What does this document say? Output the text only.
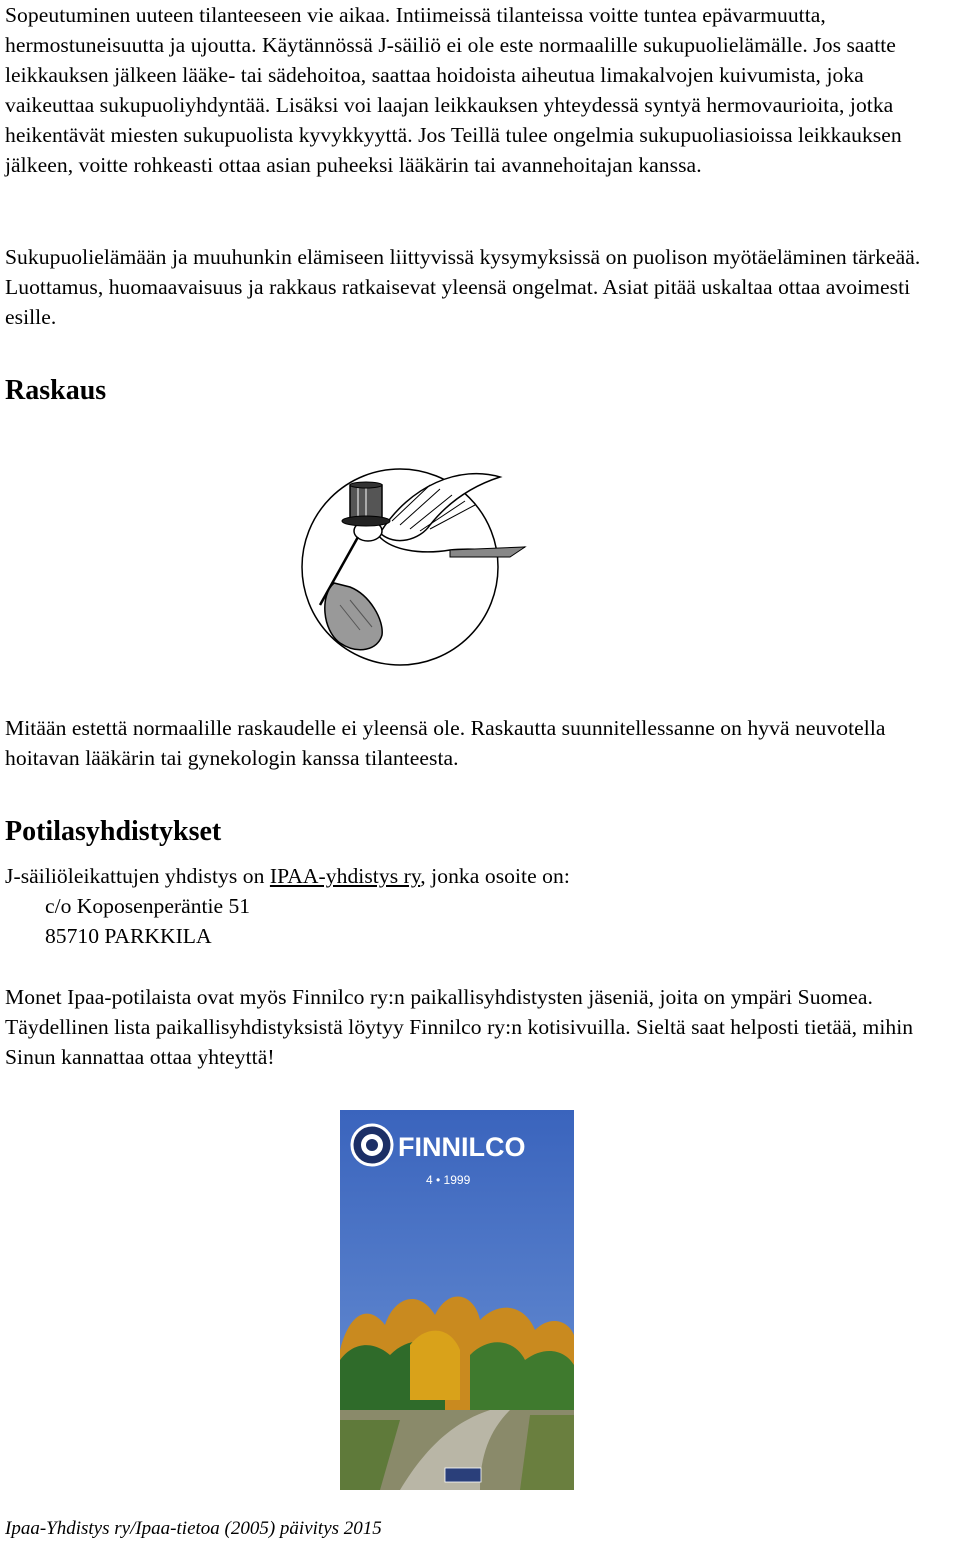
Sopeutuminen uuteen tilanteeseen vie aikaa. Intiimeissä tilanteissa voitte tuntea epävarmuutta, hermostuneisuutta ja ujoutta. Käytännössä J-säiliö ei ole este normaalille sukupuolielämälle. Jos saatte leikkauksen jälkeen lääke- tai sädehoitoa, saattaa hoidoista aiheutua limakalvojen kuivumista, joka vaikeuttaa sukupuoliyhdyntää. Lisäksi voi laajan leikkauksen yhteydessä syntyä hermovaurioita, jotka heikentävät miesten sukupuolista kyvykkyyttä. Jos Teillä tulee ongelmia sukupuoliasioissa leikkauksen jälkeen, voitte rohkeasti ottaa asian puheeksi lääkärin tai avannehoitajan kanssa.

Sukupuolielämään ja muuhunkin elämiseen liittyvissä kysymyksissä on puolison myötäeläminen tärkeää. Luottamus, huomaavaisuus ja rakkaus ratkaisevat yleensä ongelmat. Asiat pitää uskaltaa ottaa avoimesti esille.

Raskaus

Mitään estettä normaalille raskaudelle ei yleensä ole. Raskautta suunnitellessanne on hyvä neuvotella hoitavan lääkärin tai gynekologin kanssa tilanteesta.

Potilasyhdistykset

J-säiliöleikattujen yhdistys on IPAA-yhdistys ry, jonka osoite on:

c/o Koposenperäntie 51

85710 PARKKILA

Monet Ipaa-potilaista ovat myös Finnilco ry:n paikallisyhdistysten jäseniä, joita on ympäri Suomea. Täydellinen lista paikallisyhdistyksistä löytyy Finnilco ry:n kotisivuilla. Sieltä saat helposti tietää, mihin Sinun kannattaa ottaa yhteyttä!

FINNILCO
4 • 1999

Ipaa-Yhdistys ry/Ipaa-tietoa (2005) päivitys 2015
